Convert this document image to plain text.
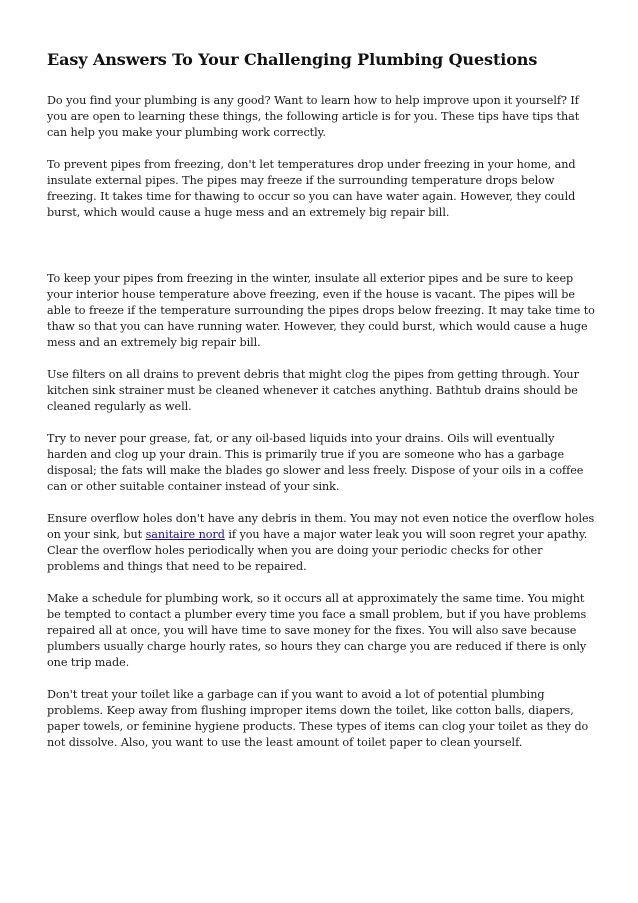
Easy Answers To Your Challenging Plumbing Questions

Do you find your plumbing is any good? Want to learn how to help improve upon it yourself? If you are open to learning these things, the following article is for you. These tips have tips that can help you make your plumbing work correctly.

To prevent pipes from freezing, don't let temperatures drop under freezing in your home, and insulate external pipes. The pipes may freeze if the surrounding temperature drops below freezing. It takes time for thawing to occur so you can have water again. However, they could burst, which would cause a huge mess and an extremely big repair bill.

To keep your pipes from freezing in the winter, insulate all exterior pipes and be sure to keep your interior house temperature above freezing, even if the house is vacant. The pipes will be able to freeze if the temperature surrounding the pipes drops below freezing. It may take time to thaw so that you can have running water. However, they could burst, which would cause a huge mess and an extremely big repair bill.

Use filters on all drains to prevent debris that might clog the pipes from getting through. Your kitchen sink strainer must be cleaned whenever it catches anything. Bathtub drains should be cleaned regularly as well.

Try to never pour grease, fat, or any oil-based liquids into your drains. Oils will eventually harden and clog up your drain. This is primarily true if you are someone who has a garbage disposal; the fats will make the blades go slower and less freely. Dispose of your oils in a coffee can or other suitable container instead of your sink.

Ensure overflow holes don't have any debris in them. You may not even notice the overflow holes on your sink, but sanitaire nord if you have a major water leak you will soon regret your apathy. Clear the overflow holes periodically when you are doing your periodic checks for other problems and things that need to be repaired.

Make a schedule for plumbing work, so it occurs all at approximately the same time. You might be tempted to contact a plumber every time you face a small problem, but if you have problems repaired all at once, you will have time to save money for the fixes. You will also save because plumbers usually charge hourly rates, so hours they can charge you are reduced if there is only one trip made.

Don't treat your toilet like a garbage can if you want to avoid a lot of potential plumbing problems. Keep away from flushing improper items down the toilet, like cotton balls, diapers, paper towels, or feminine hygiene products. These types of items can clog your toilet as they do not dissolve. Also, you want to use the least amount of toilet paper to clean yourself.
